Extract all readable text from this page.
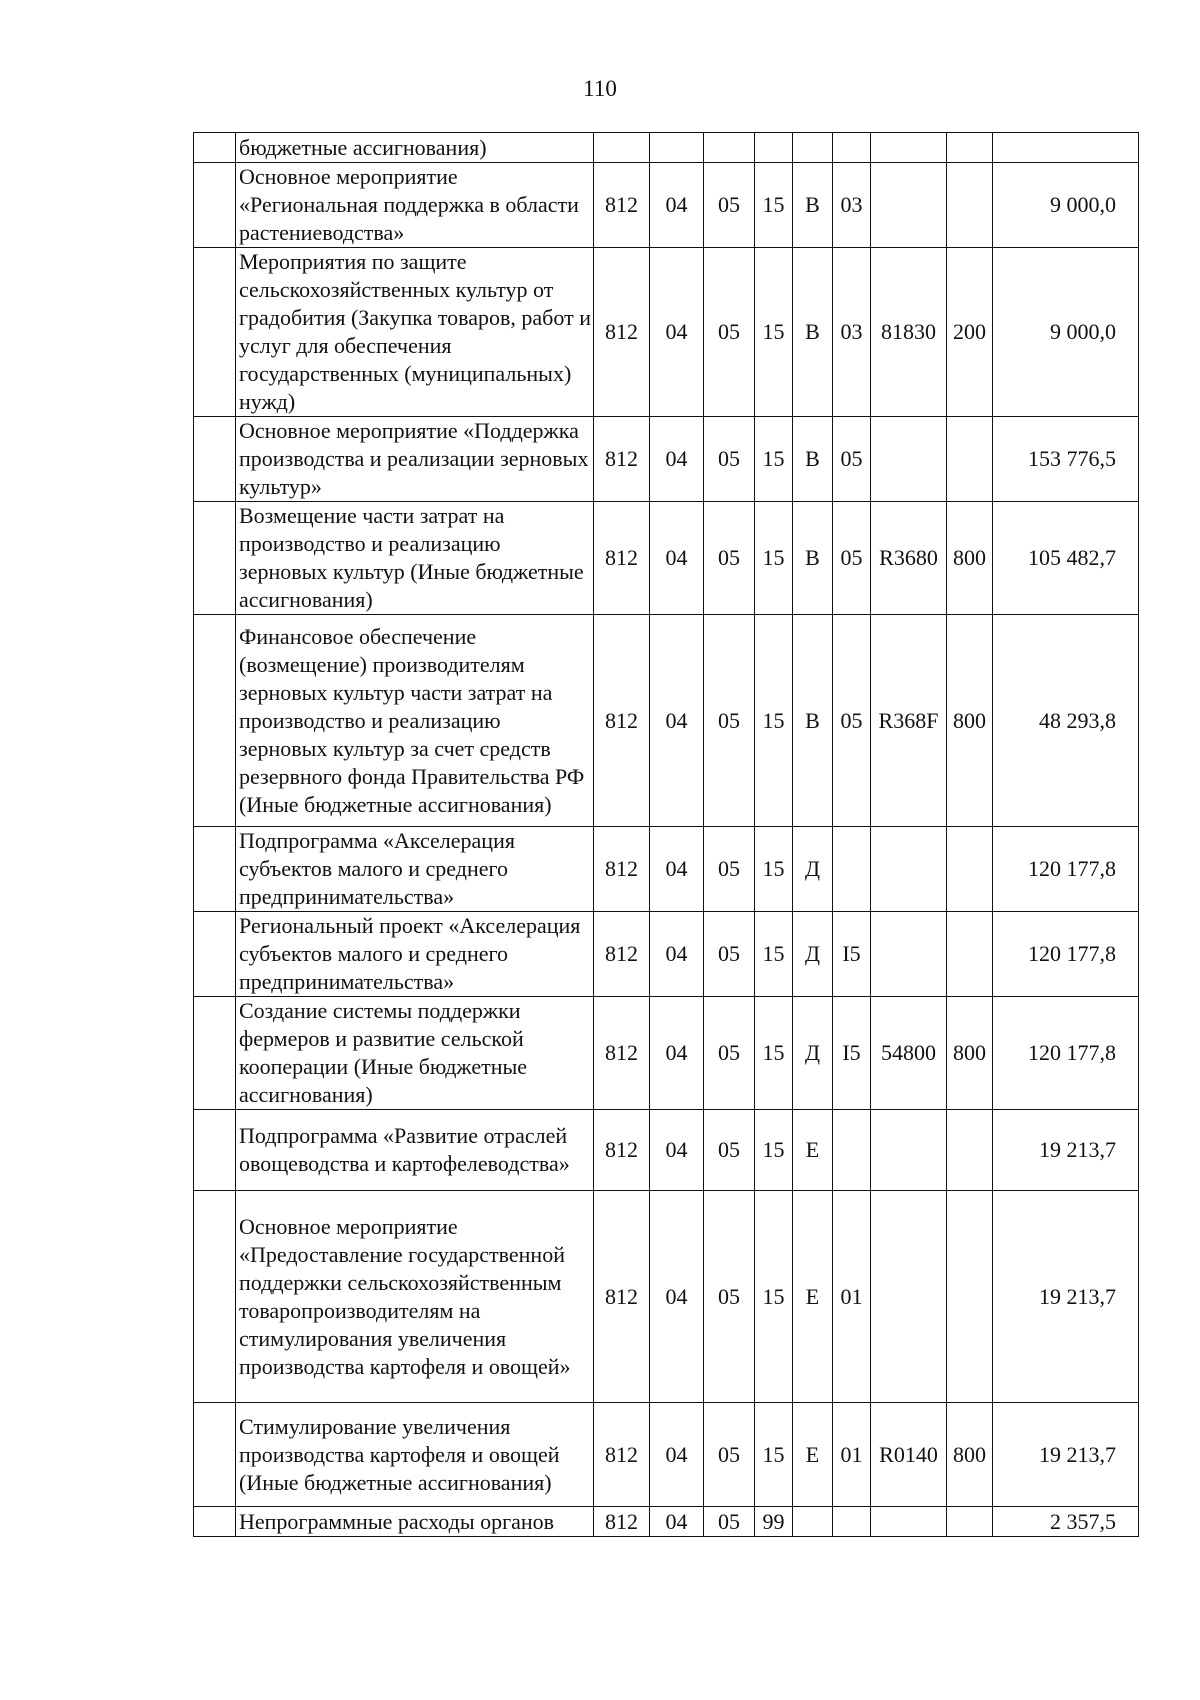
110
	бюджетные ассигнования)									
	Основное мероприятие «Региональная поддержка в области растениеводства»	812	04	05	15	В	03			9 000,0
	Мероприятия по защите сельскохозяйственных культур от градобития (Закупка товаров, работ и услуг для обеспечения государственных (муниципальных) нужд)	812	04	05	15	В	03	81830	200	9 000,0
	Основное мероприятие «Поддержка производства и реализации зерновых культур»	812	04	05	15	В	05			153 776,5
	Возмещение части затрат на производство и реализацию зерновых культур (Иные бюджетные ассигнования)	812	04	05	15	В	05	R3680	800	105 482,7
	Финансовое обеспечение (возмещение) производителям зерновых культур части затрат на производство и реализацию зерновых культур за счет средств резервного фонда Правительства РФ (Иные бюджетные ассигнования)	812	04	05	15	В	05	R368F	800	48 293,8
	Подпрограмма «Акселерация субъектов малого и среднего предпринимательства»	812	04	05	15	Д				120 177,8
	Региональный проект «Акселерация субъектов малого и среднего предпринимательства»	812	04	05	15	Д	I5			120 177,8
	Создание системы поддержки фермеров и развитие сельской кооперации (Иные бюджетные ассигнования)	812	04	05	15	Д	I5	54800	800	120 177,8
	Подпрограмма «Развитие отраслей овощеводства и картофелеводства»	812	04	05	15	Е				19 213,7
	Основное мероприятие «Предоставление государственной поддержки сельскохозяйственным товаропроизводителям на стимулирования увеличения производства картофеля и овощей»	812	04	05	15	Е	01			19 213,7
	Стимулирование увеличения производства картофеля и овощей (Иные бюджетные ассигнования)	812	04	05	15	Е	01	R0140	800	19 213,7
	Непрограммные расходы органов	812	04	05	99					2 357,5
